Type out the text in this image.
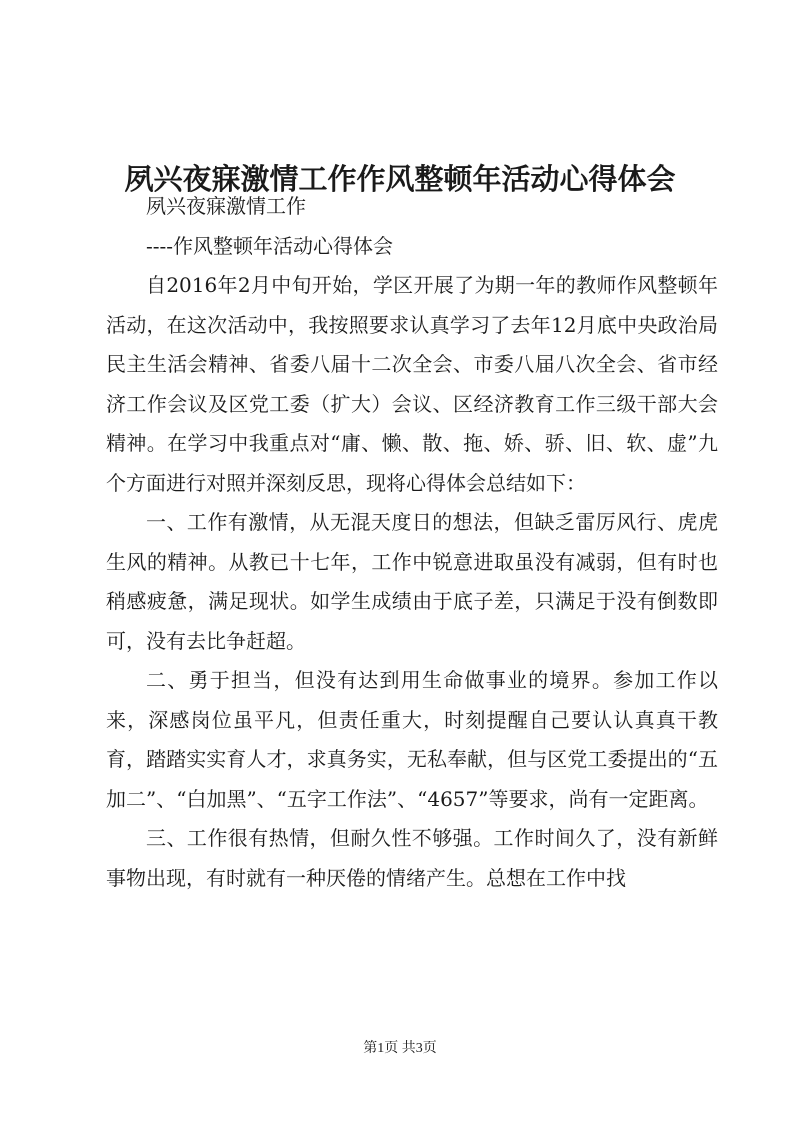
夙兴夜寐激情工作作风整顿年活动心得体会

夙兴夜寐激情工作

----作风整顿年活动心得体会

自2016年2月中旬开始，学区开展了为期一年的教师作风整顿年活动，在这次活动中，我按照要求认真学习了去年12月底中央政治局民主生活会精神、省委八届十二次全会、市委八届八次全会、省市经济工作会议及区党工委（扩大）会议、区经济教育工作三级干部大会精神。在学习中我重点对“庸、懒、散、拖、娇、骄、旧、软、虚”九个方面进行对照并深刻反思，现将心得体会总结如下：

一、工作有激情，从无混天度日的想法，但缺乏雷厉风行、虎虎生风的精神。从教已十七年，工作中锐意进取虽没有减弱，但有时也稍感疲惫，满足现状。如学生成绩由于底子差，只满足于没有倒数即可，没有去比争赶超。

二、勇于担当，但没有达到用生命做事业的境界。参加工作以来，深感岗位虽平凡，但责任重大，时刻提醒自己要认认真真干教育，踏踏实实育人才，求真务实，无私奉献，但与区党工委提出的“五加二”、“白加黑”、“五字工作法”、“4657”等要求，尚有一定距离。

三、工作很有热情，但耐久性不够强。工作时间久了，没有新鲜事物出现，有时就有一种厌倦的情绪产生。总想在工作中找

第1页 共3页
